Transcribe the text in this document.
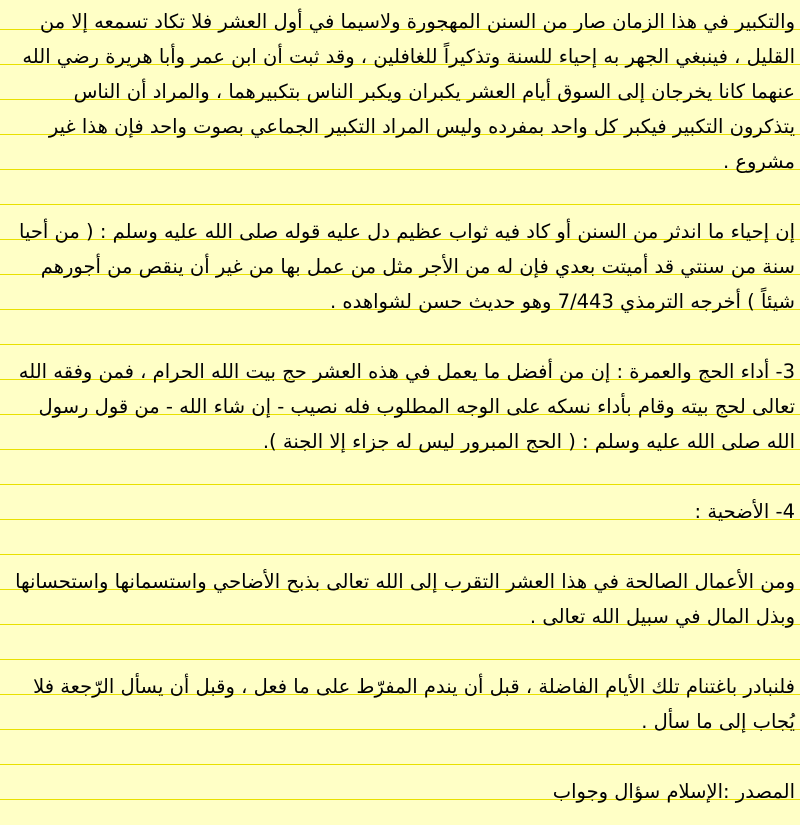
والتكبير في هذا الزمان صار من السنن المهجورة ولاسيما في أول العشر فلا تكاد تسمعه إلا من القليل ، فينبغي الجهر به إحياء للسنة وتذكيراً للغافلين ، وقد ثبت أن ابن عمر وأبا هريرة رضي الله عنهما كانا يخرجان إلى السوق أيام العشر يكبران ويكبر الناس بتكبيرهما ، والمراد أن الناس يتذكرون التكبير فيكبر كل واحد بمفرده وليس المراد التكبير الجماعي بصوت واحد فإن هذا غير مشروع .

إن إحياء ما اندثر من السنن أو كاد فيه ثواب عظيم دل عليه قوله صلى الله عليه وسلم : ( من أحيا سنة من سنتي قد أميتت بعدي فإن له من الأجر مثل من عمل بها من غير أن ينقص من أجورهم شيئاً ) أخرجه الترمذي 7/443 وهو حديث حسن لشواهده .

3- أداء الحج والعمرة : إن من أفضل ما يعمل في هذه العشر حج بيت الله الحرام ، فمن وفقه الله تعالى لحج بيته وقام بأداء نسكه على الوجه المطلوب فله نصيب - إن شاء الله - من قول رسول الله صلى الله عليه وسلم : ( الحج المبرور ليس له جزاء إلا الجنة ).

4- الأضحية :

ومن الأعمال الصالحة في هذا العشر التقرب إلى الله تعالى بذبح الأضاحي واستسمانها واستحسانها وبذل المال في سبيل الله تعالى .

فلنبادر باغتنام تلك الأيام الفاضلة ، قبل أن يندم المفرّط على ما فعل ، وقبل أن يسأل الرّجعة فلا يُجاب إلى ما سأل .

المصدر :الإسلام سؤال وجواب
